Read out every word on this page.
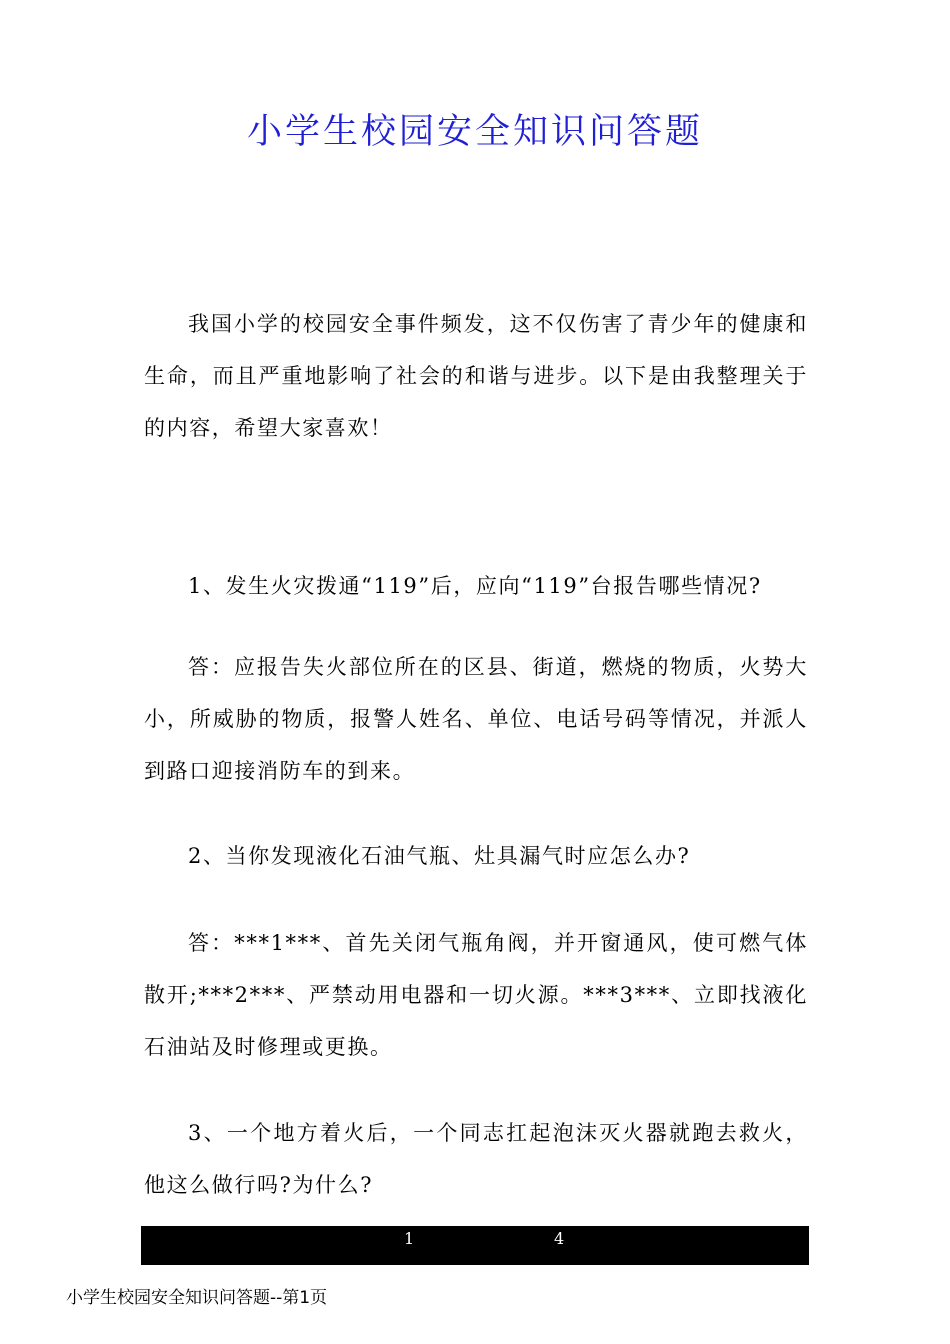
小学生校园安全知识问答题

我国小学的校园安全事件频发，这不仅伤害了青少年的健康和生命，而且严重地影响了社会的和谐与进步。以下是由我整理关于的内容，希望大家喜欢！

1、发生火灾拨通“119”后，应向“119”台报告哪些情况?

答：应报告失火部位所在的区县、街道，燃烧的物质，火势大小，所威胁的物质，报警人姓名、单位、电话号码等情况，并派人到路口迎接消防车的到来。

2、当你发现液化石油气瓶、灶具漏气时应怎么办?

答：***1***、首先关闭气瓶角阀，并开窗通风，使可燃气体散开;***2***、严禁动用电器和一切火源。***3***、立即找液化石油站及时修理或更换。

3、一个地方着火后，一个同志扛起泡沫灭火器就跑去救火，他这么做行吗?为什么?

1	4
小学生校园安全知识问答题--第1页
